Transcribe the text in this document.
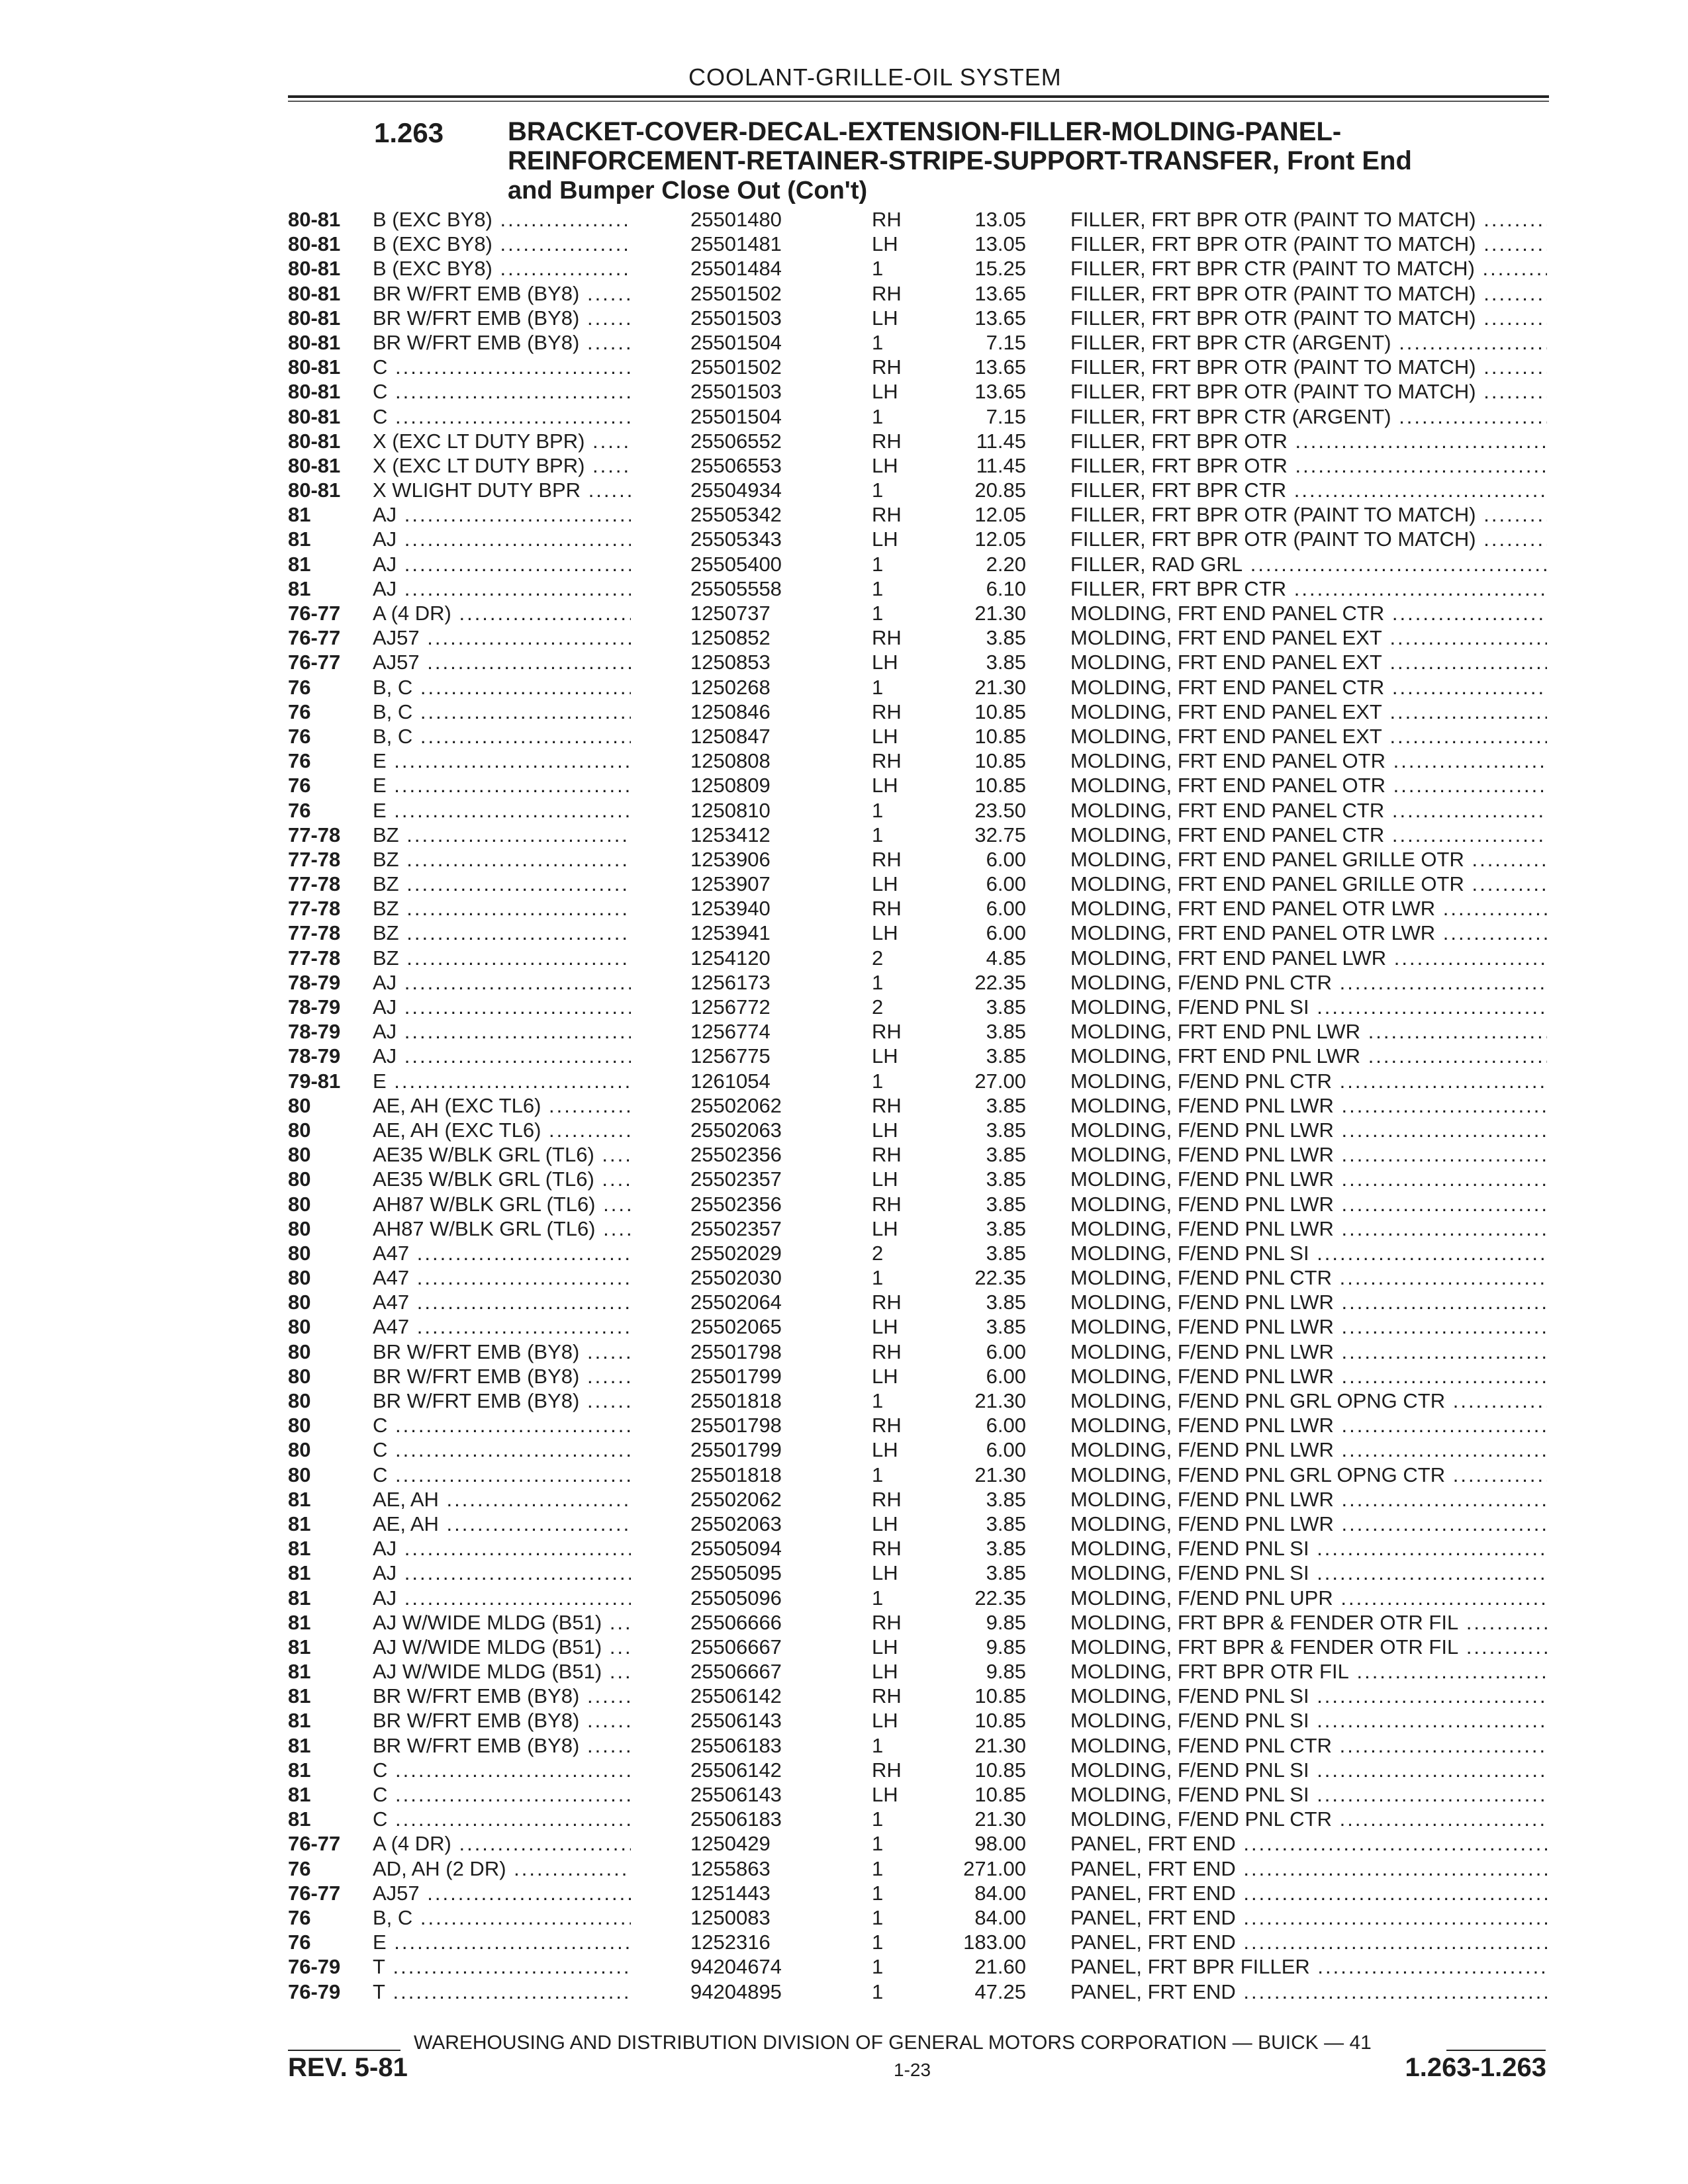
COOLANT-GRILLE-OIL SYSTEM
1.263 BRACKET-COVER-DECAL-EXTENSION-FILLER-MOLDING-PANEL-REINFORCEMENT-RETAINER-STRIPE-SUPPORT-TRANSFER, Front End
and Bumper Close Out (Con't)
80-81	B (EXC BY8) .....	25501480	RH	13.05 FILLER, FRT BPR OTR (PAINT TO MATCH) .....
80-81	B (EXC BY8) .....	25501481	LH	13.05 FILLER, FRT BPR OTR (PAINT TO MATCH) .....
80-81	B (EXC BY8) .....	25501484	1	15.25 FILLER, FRT BPR CTR (PAINT TO MATCH) .....
80-81	BR W/FRT EMB (BY8) .....	25501502	RH	13.65 FILLER, FRT BPR OTR (PAINT TO MATCH) .....
80-81	BR W/FRT EMB (BY8) .....	25501503	LH	13.65 FILLER, FRT BPR OTR (PAINT TO MATCH) .....
80-81	BR W/FRT EMB (BY8) .....	25501504	1	7.15 FILLER, FRT BPR CTR (ARGENT) .....
80-81	C .....	25501502	RH	13.65 FILLER, FRT BPR OTR (PAINT TO MATCH) .....
80-81	C .....	25501503	LH	13.65 FILLER, FRT BPR OTR (PAINT TO MATCH) .....
80-81	C .....	25501504	1	7.15 FILLER, FRT BPR CTR (ARGENT) .....
80-81	X (EXC LT DUTY BPR) .....	25506552	RH	11.45 FILLER, FRT BPR OTR .....
80-81	X (EXC LT DUTY BPR) .....	25506553	LH	11.45 FILLER, FRT BPR OTR .....
80-81	X WLIGHT DUTY BPR .....	25504934	1	20.85 FILLER, FRT BPR CTR .....
81	AJ .....	25505342	RH	12.05 FILLER, FRT BPR OTR (PAINT TO MATCH) .....
81	AJ .....	25505343	LH	12.05 FILLER, FRT BPR OTR (PAINT TO MATCH) .....
81	AJ .....	25505400	1	2.20 FILLER, RAD GRL .....
81	AJ .....	25505558	1	6.10 FILLER, FRT BPR CTR .....
76-77	A (4 DR) .....	1250737	1	21.30 MOLDING, FRT END PANEL CTR .....
76-77	AJ57 .....	1250852	RH	3.85 MOLDING, FRT END PANEL EXT .....
76-77	AJ57 .....	1250853	LH	3.85 MOLDING, FRT END PANEL EXT .....
76	B, C .....	1250268	1	21.30 MOLDING, FRT END PANEL CTR .....
76	B, C .....	1250846	RH	10.85 MOLDING, FRT END PANEL EXT .....
76	B, C .....	1250847	LH	10.85 MOLDING, FRT END PANEL EXT .....
76	E .....	1250808	RH	10.85 MOLDING, FRT END PANEL OTR .....
76	E .....	1250809	LH	10.85 MOLDING, FRT END PANEL OTR .....
76	E .....	1250810	1	23.50 MOLDING, FRT END PANEL CTR .....
77-78	BZ .....	1253412	1	32.75 MOLDING, FRT END PANEL CTR .....
77-78	BZ .....	1253906	RH	6.00 MOLDING, FRT END PANEL GRILLE OTR .....
77-78	BZ .....	1253907	LH	6.00 MOLDING, FRT END PANEL GRILLE OTR .....
77-78	BZ .....	1253940	RH	6.00 MOLDING, FRT END PANEL OTR LWR .....
77-78	BZ .....	1253941	LH	6.00 MOLDING, FRT END PANEL OTR LWR .....
77-78	BZ .....	1254120	2	4.85 MOLDING, FRT END PANEL LWR .....
78-79	AJ .....	1256173	1	22.35 MOLDING, F/END PNL CTR .....
78-79	AJ .....	1256772	2	3.85 MOLDING, F/END PNL SI .....
78-79	AJ .....	1256774	RH	3.85 MOLDING, FRT END PNL LWR .....
78-79	AJ .....	1256775	LH	3.85 MOLDING, FRT END PNL LWR .....
79-81	E .....	1261054	1	27.00 MOLDING, F/END PNL CTR .....
80	AE, AH (EXC TL6) .....	25502062	RH	3.85 MOLDING, F/END PNL LWR .....
80	AE, AH (EXC TL6) .....	25502063	LH	3.85 MOLDING, F/END PNL LWR .....
80	AE35 W/BLK GRL (TL6) .....	25502356	RH	3.85 MOLDING, F/END PNL LWR .....
80	AE35 W/BLK GRL (TL6) .....	25502357	LH	3.85 MOLDING, F/END PNL LWR .....
80	AH87 W/BLK GRL (TL6) .....	25502356	RH	3.85 MOLDING, F/END PNL LWR .....
80	AH87 W/BLK GRL (TL6) .....	25502357	LH	3.85 MOLDING, F/END PNL LWR .....
80	A47 .....	25502029	2	3.85 MOLDING, F/END PNL SI .....
80	A47 .....	25502030	1	22.35 MOLDING, F/END PNL CTR .....
80	A47 .....	25502064	RH	3.85 MOLDING, F/END PNL LWR .....
80	A47 .....	25502065	LH	3.85 MOLDING, F/END PNL LWR .....
80	BR W/FRT EMB (BY8) .....	25501798	RH	6.00 MOLDING, F/END PNL LWR .....
80	BR W/FRT EMB (BY8) .....	25501799	LH	6.00 MOLDING, F/END PNL LWR .....
80	BR W/FRT EMB (BY8) .....	25501818	1	21.30 MOLDING, F/END PNL GRL OPNG CTR .....
80	C .....	25501798	RH	6.00 MOLDING, F/END PNL LWR .....
80	C .....	25501799	LH	6.00 MOLDING, F/END PNL LWR .....
80	C .....	25501818	1	21.30 MOLDING, F/END PNL GRL OPNG CTR .....
81	AE, AH .....	25502062	RH	3.85 MOLDING, F/END PNL LWR .....
81	AE, AH .....	25502063	LH	3.85 MOLDING, F/END PNL LWR .....
81	AJ .....	25505094	RH	3.85 MOLDING, F/END PNL SI .....
81	AJ .....	25505095	LH	3.85 MOLDING, F/END PNL SI .....
81	AJ .....	25505096	1	22.35 MOLDING, F/END PNL UPR .....
81	AJ W/WIDE MLDG (B51) .....	25506666	RH	9.85 MOLDING, FRT BPR & FENDER OTR FIL .....
81	AJ W/WIDE MLDG (B51) .....	25506667	LH	9.85 MOLDING, FRT BPR & FENDER OTR FIL .....
81	AJ W/WIDE MLDG (B51) .....	25506667	LH	9.85 MOLDING, FRT BPR OTR FIL .....
81	BR W/FRT EMB (BY8) .....	25506142	RH	10.85 MOLDING, F/END PNL SI .....
81	BR W/FRT EMB (BY8) .....	25506143	LH	10.85 MOLDING, F/END PNL SI .....
81	BR W/FRT EMB (BY8) .....	25506183	1	21.30 MOLDING, F/END PNL CTR .....
81	C .....	25506142	RH	10.85 MOLDING, F/END PNL SI .....
81	C .....	25506143	LH	10.85 MOLDING, F/END PNL SI .....
81	C .....	25506183	1	21.30 MOLDING, F/END PNL CTR .....
76-77	A (4 DR) .....	1250429	1	98.00 PANEL, FRT END .....
76	AD, AH (2 DR) .....	1255863	1	271.00 PANEL, FRT END .....
76-77	AJ57 .....	1251443	1	84.00 PANEL, FRT END .....
76	B, C .....	1250083	1	84.00 PANEL, FRT END .....
76	E .....	1252316	1	183.00 PANEL, FRT END .....
76-79	T .....	94204674	1	21.60 PANEL, FRT BPR FILLER .....
76-79	T .....	94204895	1	47.25 PANEL, FRT END .....
WAREHOUSING AND DISTRIBUTION DIVISION OF GENERAL MOTORS CORPORATION — BUICK — 41
REV. 5-81	1-23	1.263-1.263
